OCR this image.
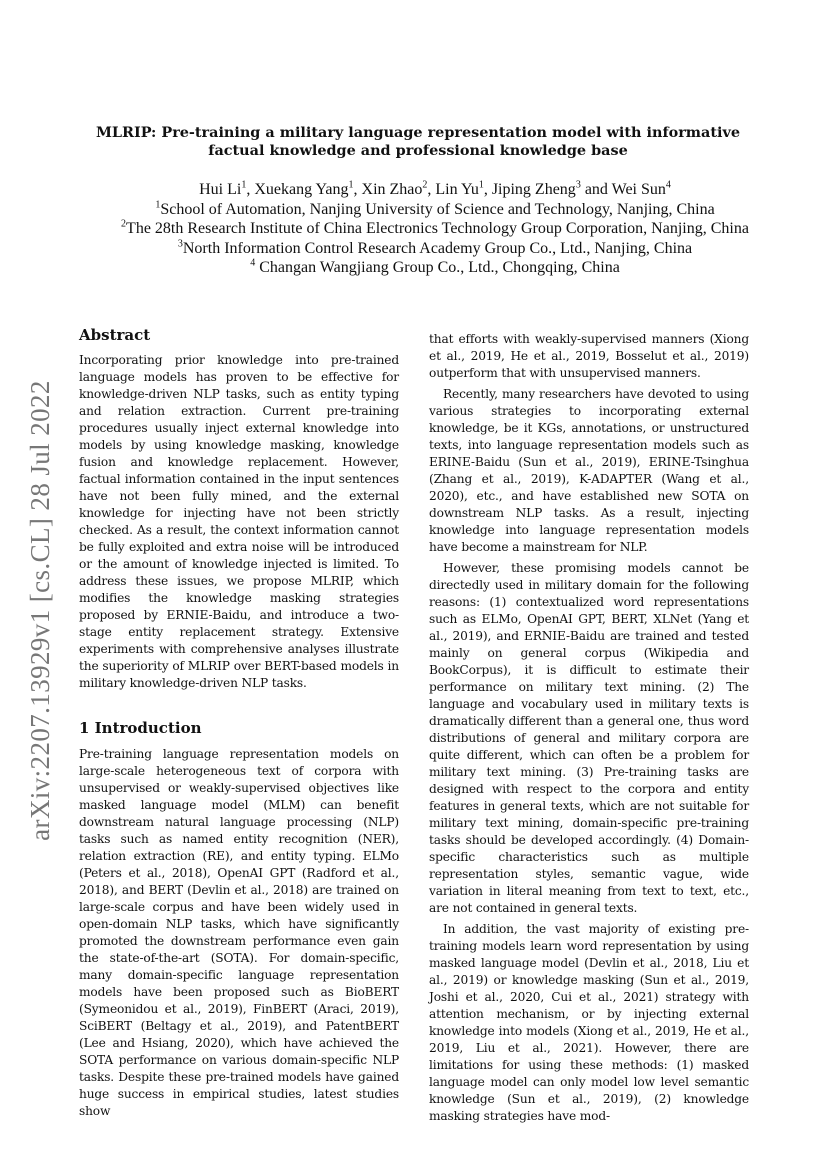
arXiv:2207.13929v1 [cs.CL] 28 Jul 2022
MLRIP: Pre-training a military language representation model with informative
factual knowledge and professional knowledge base
Hui Li$^1$, Xuekang Yang$^1$, Xin Zhao$^2$, Lin Yu$^1$, Jiping Zheng$^3$ and Wei Sun$^4$
$^1$School of Automation, Nanjing University of Science and Technology, Nanjing, China
$^2$The 28th Research Institute of China Electronics Technology Group Corporation, Nanjing, China
$^3$North Information Control Research Academy Group Co., Ltd., Nanjing, China
$^4$ Changan Wangjiang Group Co., Ltd., Chongqing, China
Abstract

Incorporating prior knowledge into pre-trained language models has proven to be effective for knowledge-driven NLP tasks, such as entity typing and relation extraction. Current pre-training procedures usually inject external knowledge into models by using knowledge masking, knowledge fusion and knowledge replacement. However, factual information contained in the input sentences have not been fully mined, and the external knowledge for injecting have not been strictly checked. As a result, the context information cannot be fully exploited and extra noise will be introduced or the amount of knowledge injected is limited. To address these issues, we propose MLRIP, which modifies the knowledge masking strategies proposed by ERNIE-Baidu, and introduce a two-stage entity replacement strategy. Extensive experiments with comprehensive analyses illustrate the superiority of MLRIP over BERT-based models in military knowledge-driven NLP tasks.

1 Introduction

Pre-training language representation models on large-scale heterogeneous text of corpora with unsupervised or weakly-supervised objectives like masked language model (MLM) can benefit downstream natural language processing (NLP) tasks such as named entity recognition (NER), relation extraction (RE), and entity typing. ELMo (Peters et al., 2018), OpenAI GPT (Radford et al., 2018), and BERT (Devlin et al., 2018) are trained on large-scale corpus and have been widely used in open-domain NLP tasks, which have significantly promoted the downstream performance even gain the state-of-the-art (SOTA). For domain-specific, many domain-specific language representation models have been proposed such as BioBERT (Symeonidou et al., 2019), FinBERT (Araci, 2019), SciBERT (Beltagy et al., 2019), and PatentBERT (Lee and Hsiang, 2020), which have achieved the SOTA performance on various domain-specific NLP tasks. Despite these pre-trained models have gained huge success in empirical studies, latest studies show

that efforts with weakly-supervised manners (Xiong et al., 2019, He et al., 2019, Bosselut et al., 2019) outperform that with unsupervised manners.

Recently, many researchers have devoted to using various strategies to incorporating external knowledge, be it KGs, annotations, or unstructured texts, into language representation models such as ERINE-Baidu (Sun et al., 2019), ERINE-Tsinghua (Zhang et al., 2019), K-ADAPTER (Wang et al., 2020), etc., and have established new SOTA on downstream NLP tasks. As a result, injecting knowledge into language representation models have become a mainstream for NLP.

However, these promising models cannot be directedly used in military domain for the following reasons: (1) contextualized word representations such as ELMo, OpenAI GPT, BERT, XLNet (Yang et al., 2019), and ERNIE-Baidu are trained and tested mainly on general corpus (Wikipedia and BookCorpus), it is difficult to estimate their performance on military text mining. (2) The language and vocabulary used in military texts is dramatically different than a general one, thus word distributions of general and military corpora are quite different, which can often be a problem for military text mining. (3) Pre-training tasks are designed with respect to the corpora and entity features in general texts, which are not suitable for military text mining, domain-specific pre-training tasks should be developed accordingly. (4) Domain-specific characteristics such as multiple representation styles, semantic vague, wide variation in literal meaning from text to text, etc., are not contained in general texts.

In addition, the vast majority of existing pre-training models learn word representation by using masked language model (Devlin et al., 2018, Liu et al., 2019) or knowledge masking (Sun et al., 2019, Joshi et al., 2020, Cui et al., 2021) strategy with attention mechanism, or by injecting external knowledge into models (Xiong et al., 2019, He et al., 2019, Liu et al., 2021). However, there are limitations for using these methods: (1) masked language model can only model low level semantic knowledge (Sun et al., 2019), (2) knowledge masking strategies have mod-
